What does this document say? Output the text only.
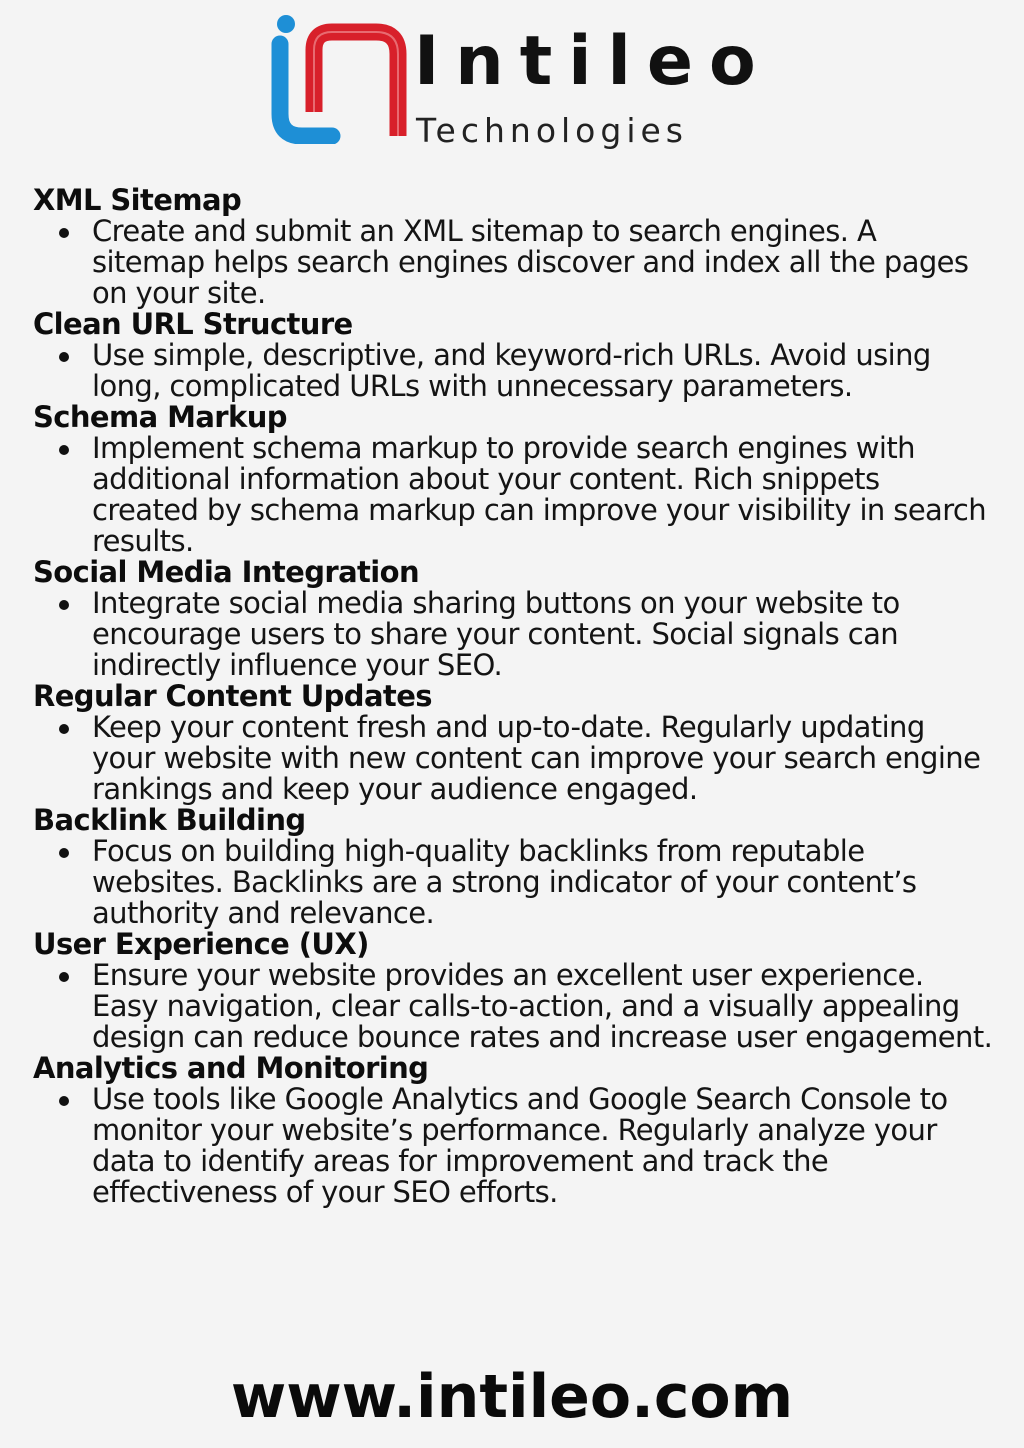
Intileo
Technologies
XML Sitemap
Create and submit an XML sitemap to search engines. A sitemap helps search engines discover and index all the pages on your site.
Clean URL Structure
Use simple, descriptive, and keyword-rich URLs. Avoid using long, complicated URLs with unnecessary parameters.
Schema Markup
Implement schema markup to provide search engines with additional information about your content. Rich snippets created by schema markup can improve your visibility in search results.
Social Media Integration
Integrate social media sharing buttons on your website to encourage users to share your content. Social signals can indirectly influence your SEO.
Regular Content Updates
Keep your content fresh and up-to-date. Regularly updating your website with new content can improve your search engine rankings and keep your audience engaged.
Backlink Building
Focus on building high-quality backlinks from reputable websites. Backlinks are a strong indicator of your content’s authority and relevance.
User Experience (UX)
Ensure your website provides an excellent user experience. Easy navigation, clear calls-to-action, and a visually appealing design can reduce bounce rates and increase user engagement.
Analytics and Monitoring
Use tools like Google Analytics and Google Search Console to monitor your website’s performance. Regularly analyze your data to identify areas for improvement and track the effectiveness of your SEO efforts.
www.intileo.com
